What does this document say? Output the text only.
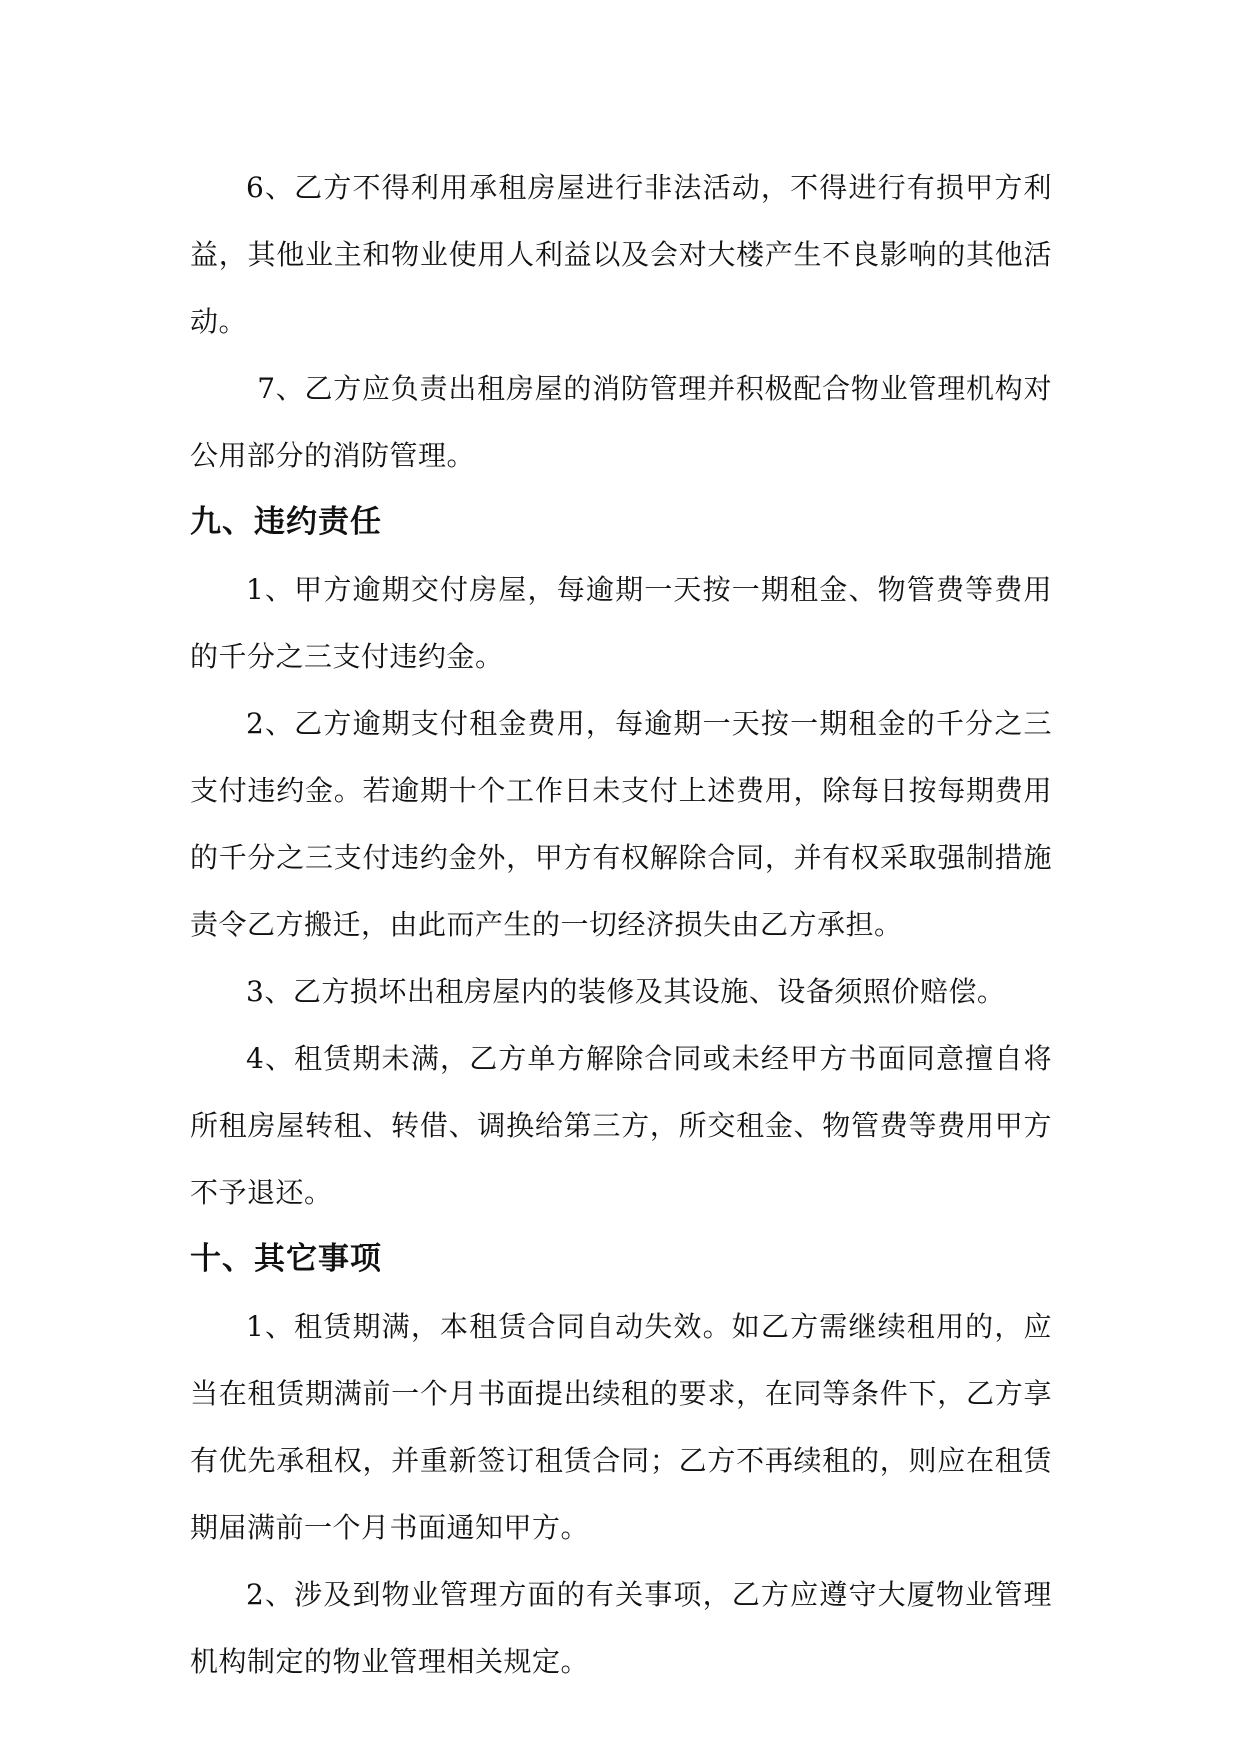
6、乙方不得利用承租房屋进行非法活动，不得进行有损甲方利益，其他业主和物业使用人利益以及会对大楼产生不良影响的其他活动。

7、乙方应负责出租房屋的消防管理并积极配合物业管理机构对公用部分的消防管理。

九、违约责任

1、甲方逾期交付房屋，每逾期一天按一期租金、物管费等费用的千分之三支付违约金。

2、乙方逾期支付租金费用，每逾期一天按一期租金的千分之三支付违约金。若逾期十个工作日未支付上述费用，除每日按每期费用的千分之三支付违约金外，甲方有权解除合同，并有权采取强制措施责令乙方搬迁，由此而产生的一切经济损失由乙方承担。

3、乙方损坏出租房屋内的装修及其设施、设备须照价赔偿。

4、租赁期未满，乙方单方解除合同或未经甲方书面同意擅自将所租房屋转租、转借、调换给第三方，所交租金、物管费等费用甲方不予退还。

十、其它事项

1、租赁期满，本租赁合同自动失效。如乙方需继续租用的，应当在租赁期满前一个月书面提出续租的要求，在同等条件下，乙方享有优先承租权，并重新签订租赁合同；乙方不再续租的，则应在租赁期届满前一个月书面通知甲方。

2、涉及到物业管理方面的有关事项，乙方应遵守大厦物业管理机构制定的物业管理相关规定。
